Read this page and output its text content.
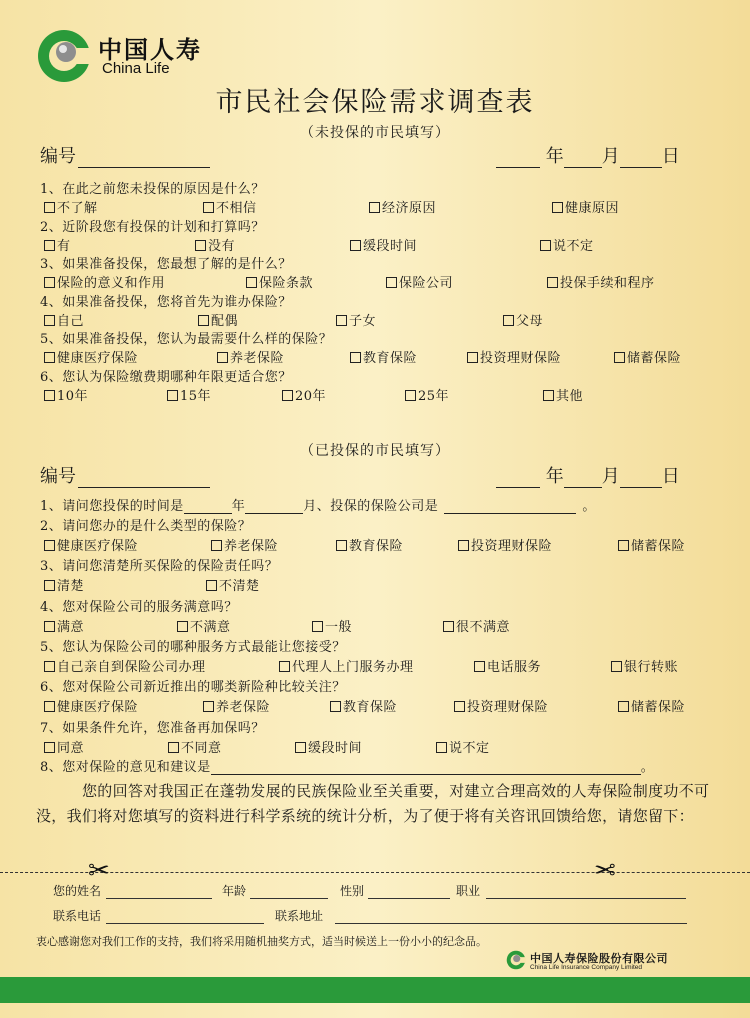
中国人寿
China Life
市民社会保险需求调查表
（未投保的市民填写）
编号	年 月 日
1、在此之前您未投保的原因是什么？
不了解	不相信	经济原因	健康原因
2、近阶段您有投保的计划和打算吗？
有	没有	缓段时间	说不定
3、如果准备投保，您最想了解的是什么？
保险的意义和作用	保险条款	保险公司	投保手续和程序
4、如果准备投保，您将首先为谁办保险？
自己	配偶	子女	父母
5、如果准备投保，您认为最需要什么样的保险？
健康医疗保险	养老保险	教育保险	投资理财保险	储蓄保险
6、您认为保险缴费期哪种年限更适合您？
10年	15年	20年	25年	其他
（已投保的市民填写）
编号	年 月 日
1、请问您投保的时间是	年	月、投保的保险公司是	。
2、请问您办的是什么类型的保险？
健康医疗保险	养老保险	教育保险	投资理财保险	储蓄保险
3、请问您清楚所买保险的保险责任吗？
清楚	不清楚
4、您对保险公司的服务满意吗？
满意	不满意	一般	很不满意
5、您认为保险公司的哪种服务方式最能让您接受？
自己亲自到保险公司办理	代理人上门服务办理	电话服务	银行转账
6、您对保险公司新近推出的哪类新险种比较关注？
健康医疗保险	养老保险	教育保险	投资理财保险	储蓄保险
7、如果条件允许，您准备再加保吗？
同意	不同意	缓段时间	说不定
8、您对保险的意见和建议是	。
您的回答对我国正在蓬勃发展的民族保险业至关重要，对建立合理高效的人寿保险制度功不可没，我们将对您填写的资料进行科学系统的统计分析，为了便于将有关咨讯回馈给您，请您留下：
✂	✂
您的姓名	年龄	性别	职业
联系电话	联系地址
衷心感谢您对我们工作的支持，我们将采用随机抽奖方式，适当时候送上一份小小的纪念品。
中国人寿保险股份有限公司
China Life Insurance Company Limited
